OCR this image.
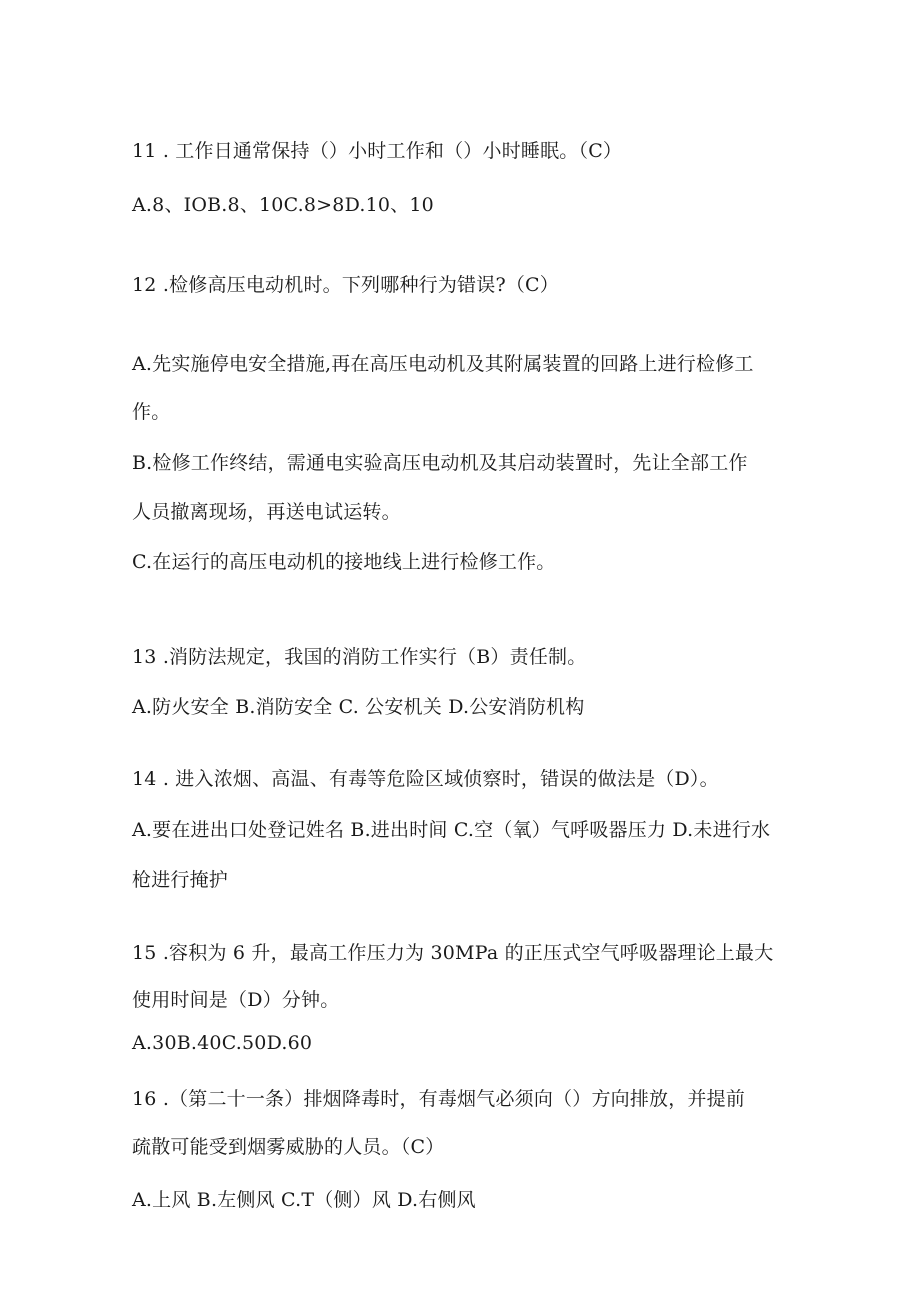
11 . 工作日通常保持（）小时工作和（）小时睡眠。（C）

A.8、IOB.8、10C.8>8D.10、10

12 .检修高压电动机时。下列哪种行为错误?（C）

A.先实施停电安全措施,再在高压电动机及其附属装置的回路上进行检修工

作。

B.检修工作终结，需通电实验高压电动机及其启动装置时，先让全部工作

人员撤离现场，再送电试运转。

C.在运行的高压电动机的接地线上进行检修工作。

13 .消防法规定，我国的消防工作实行（B）责任制。

A.防火安全 B.消防安全 C. 公安机关 D.公安消防机构

14 . 进入浓烟、高温、有毒等危险区域侦察时，错误的做法是（D）。

A.要在进出口处登记姓名 B.进出时间 C.空（氧）气呼吸器压力 D.未进行水

枪进行掩护

15 .容积为 6 升，最高工作压力为 30MPa 的正压式空气呼吸器理论上最大

使用时间是（D）分钟。

A.30B.40C.50D.60

16 .（第二十一条）排烟降毒时，有毒烟气必须向（）方向排放，并提前

疏散可能受到烟雾威胁的人员。（C）

A.上风 B.左侧风 C.T（侧）风 D.右侧风
